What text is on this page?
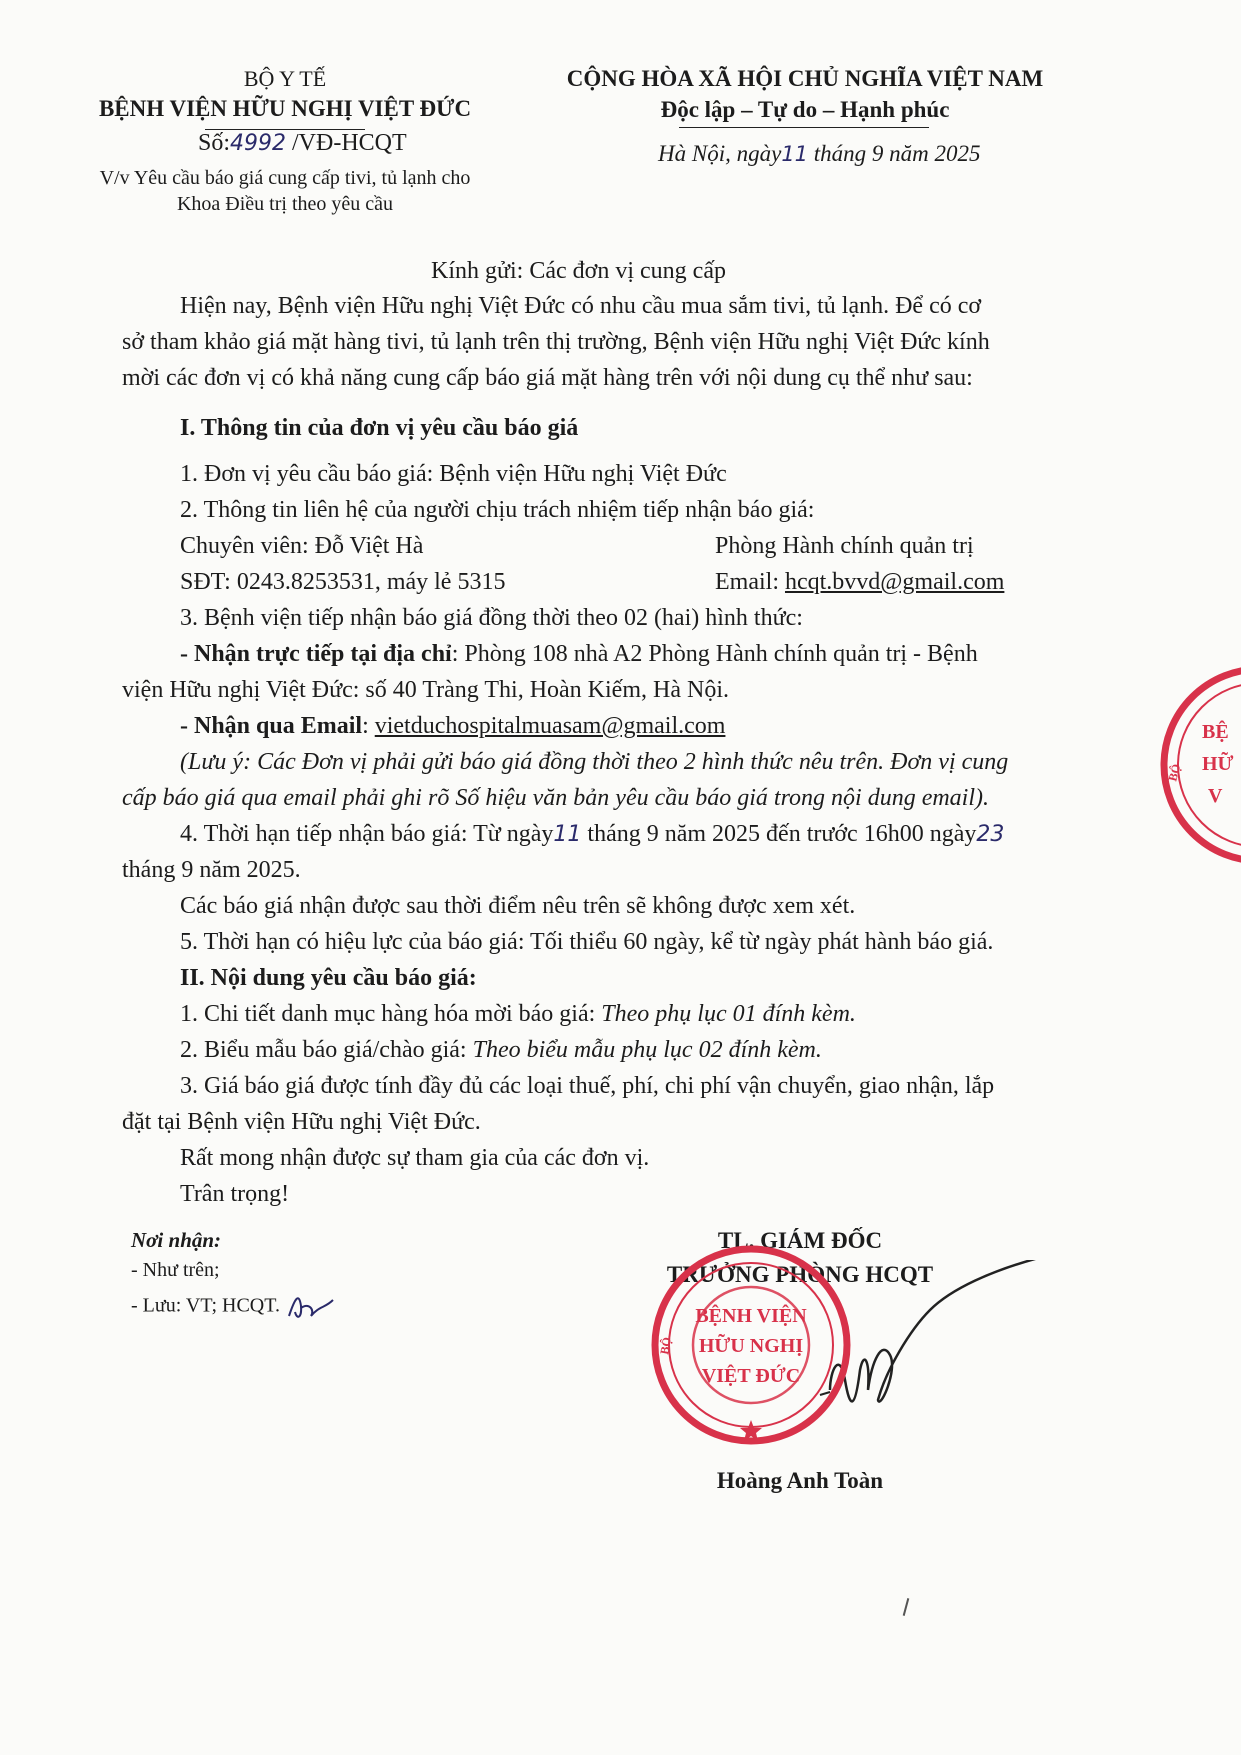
BỘ Y TẾ
BỆNH VIỆN HỮU NGHỊ VIỆT ĐỨC
Số:4992 /VĐ-HCQT
V/v Yêu cầu báo giá cung cấp tivi, tủ lạnh cho
Khoa Điều trị theo yêu cầu
CỘNG HÒA XÃ HỘI CHỦ NGHĨA VIỆT NAM
Độc lập – Tự do – Hạnh phúc
Hà Nội, ngày11 tháng 9 năm 2025
Kính gửi: Các đơn vị cung cấp
Hiện nay, Bệnh viện Hữu nghị Việt Đức có nhu cầu mua sắm tivi, tủ lạnh. Để có cơ
sở tham khảo giá mặt hàng tivi, tủ lạnh trên thị trường, Bệnh viện Hữu nghị Việt Đức kính
mời các đơn vị có khả năng cung cấp báo giá mặt hàng trên với nội dung cụ thể như sau:
I. Thông tin của đơn vị yêu cầu báo giá
1. Đơn vị yêu cầu báo giá: Bệnh viện Hữu nghị Việt Đức
2. Thông tin liên hệ của người chịu trách nhiệm tiếp nhận báo giá:
Chuyên viên: Đỗ Việt Hà	Phòng Hành chính quản trị
SĐT: 0243.8253531, máy lẻ 5315	Email: hcqt.bvvd@gmail.com
3. Bệnh viện tiếp nhận báo giá đồng thời theo 02 (hai) hình thức:
- Nhận trực tiếp tại địa chỉ: Phòng 108 nhà A2 Phòng Hành chính quản trị - Bệnh
viện Hữu nghị Việt Đức: số 40 Tràng Thi, Hoàn Kiếm, Hà Nội.
- Nhận qua Email: vietduchospitalmuasam@gmail.com
(Lưu ý: Các Đơn vị phải gửi báo giá đồng thời theo 2 hình thức nêu trên. Đơn vị cung
cấp báo giá qua email phải ghi rõ Số hiệu văn bản yêu cầu báo giá trong nội dung email).
4. Thời hạn tiếp nhận báo giá: Từ ngày11 tháng 9 năm 2025 đến trước 16h00 ngày23
tháng 9 năm 2025.
Các báo giá nhận được sau thời điểm nêu trên sẽ không được xem xét.
5. Thời hạn có hiệu lực của báo giá: Tối thiểu 60 ngày, kể từ ngày phát hành báo giá.
II. Nội dung yêu cầu báo giá:
1. Chi tiết danh mục hàng hóa mời báo giá: Theo phụ lục 01 đính kèm.
2. Biểu mẫu báo giá/chào giá: Theo biểu mẫu phụ lục 02 đính kèm.
3. Giá báo giá được tính đầy đủ các loại thuế, phí, chi phí vận chuyển, giao nhận, lắp
đặt tại Bệnh viện Hữu nghị Việt Đức.
Rất mong nhận được sự tham gia của các đơn vị.
Trân trọng!
Nơi nhận:
- Như trên;
- Lưu: VT; HCQT.
TL. GIÁM ĐỐC
TRƯỞNG PHÒNG HCQT
BỆNH VIỆN
HỮU NGHỊ
VIỆT ĐỨC
BỘ
Hoàng Anh Toàn
BỆ
HỮ
V
BỘ
